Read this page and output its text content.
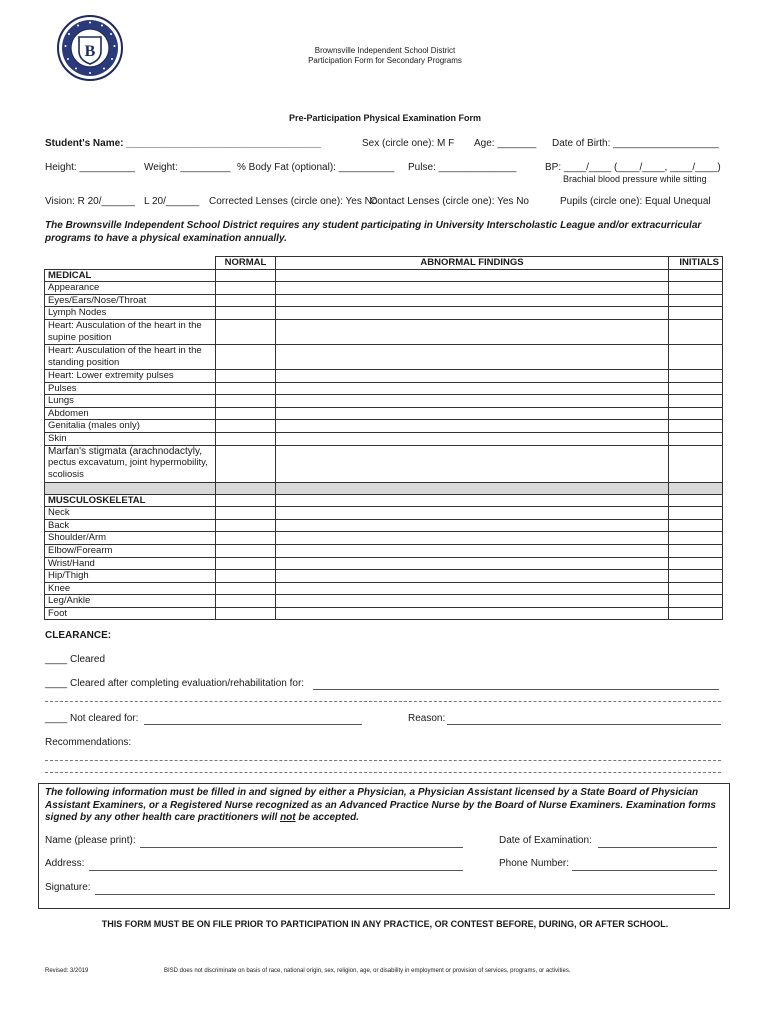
B	Brownsville Independent School District
Participation Form for Secondary Programs
Pre-Participation Physical Examination Form
Student's Name: ___________________________________	Sex (circle one): M F Age: _______ Date of Birth: ___________________
Height: __________ Weight: _________ % Body Fat (optional): __________ Pulse: ______________	BP: ____/____ (____/____, ____/____)
Brachial blood pressure while sitting
Vision: R 20/______ L 20/______ Corrected Lenses (circle one): Yes No
Contact Lenses (circle one): Yes No	Pupils (circle one): Equal Unequal
The Brownsville Independent School District requires any student participating in University Interscholastic League and/or extracurricular programs to have a physical examination annually.
	NORMAL	ABNORMAL FINDINGS	INITIALS
MEDICAL			
Appearance			
Eyes/Ears/Nose/Throat			
Lymph Nodes			
Heart: Ausculation of the heart in the supine position			
Heart: Ausculation of the heart in the standing position			
Heart: Lower extremity pulses			
Pulses			
Lungs			
Abdomen			
Genitalia (males only)			
Skin			
Marfan's stigmata (arachnodactyly,
pectus excavatum, joint hypermobility, scoliosis			

MUSCULOSKELETAL			
Neck			
Back			
Shoulder/Arm			
Elbow/Forearm			
Wrist/Hand			
Hip/Thigh			
Knee			
Leg/Ankle			
Foot			
CLEARANCE:
____ Cleared
____ Cleared after completing evaluation/rehabilitation for:
____ Not cleared for:	Reason:
Recommendations:
The following information must be filled in and signed by either a Physician, a Physician Assistant licensed by a State Board of Physician Assistant Examiners, or a Registered Nurse recognized as an Advanced Practice Nurse by the Board of Nurse Examiners. Examination forms signed by any other health care practitioners will not be accepted.
Name (please print):	Date of Examination:
Address:	Phone Number:
Signature:
THIS FORM MUST BE ON FILE PRIOR TO PARTICIPATION IN ANY PRACTICE, OR CONTEST BEFORE, DURING, OR AFTER SCHOOL.
Revised: 3/2019	BISD does not discriminate on basis of race, national origin, sex, religion, age, or disability in employment or provision of services, programs, or activities.
